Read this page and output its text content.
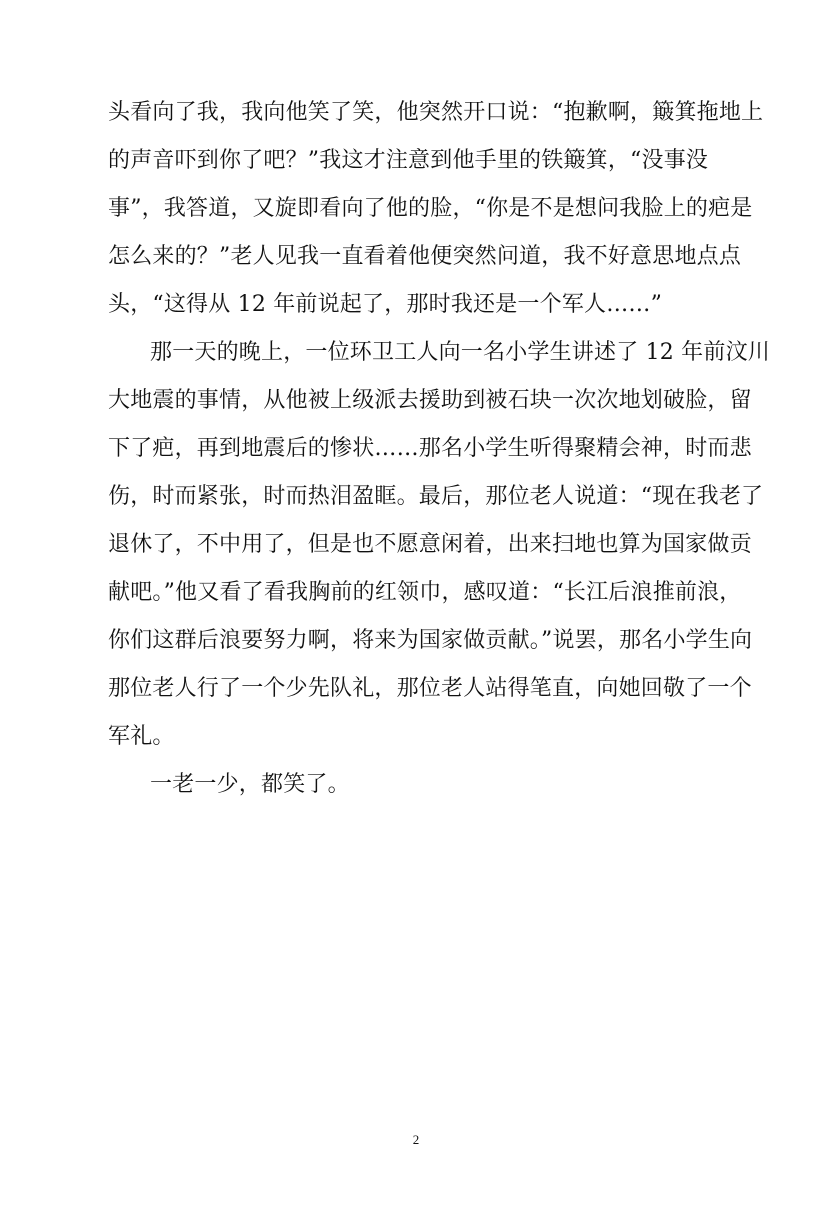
头看向了我，我向他笑了笑，他突然开口说：“抱歉啊，簸箕拖地上
的声音吓到你了吧？”我这才注意到他手里的铁簸箕，“没事没
事”，我答道，又旋即看向了他的脸，“你是不是想问我脸上的疤是
怎么来的？”老人见我一直看着他便突然问道，我不好意思地点点
头，“这得从 12 年前说起了，那时我还是一个军人……”
那一天的晚上，一位环卫工人向一名小学生讲述了 12 年前汶川
大地震的事情，从他被上级派去援助到被石块一次次地划破脸，留
下了疤，再到地震后的惨状……那名小学生听得聚精会神，时而悲
伤，时而紧张，时而热泪盈眶。最后，那位老人说道：“现在我老了
退休了，不中用了，但是也不愿意闲着，出来扫地也算为国家做贡
献吧。”他又看了看我胸前的红领巾，感叹道：“长江后浪推前浪，
你们这群后浪要努力啊，将来为国家做贡献。”说罢，那名小学生向
那位老人行了一个少先队礼，那位老人站得笔直，向她回敬了一个
军礼。
一老一少，都笑了。
2
